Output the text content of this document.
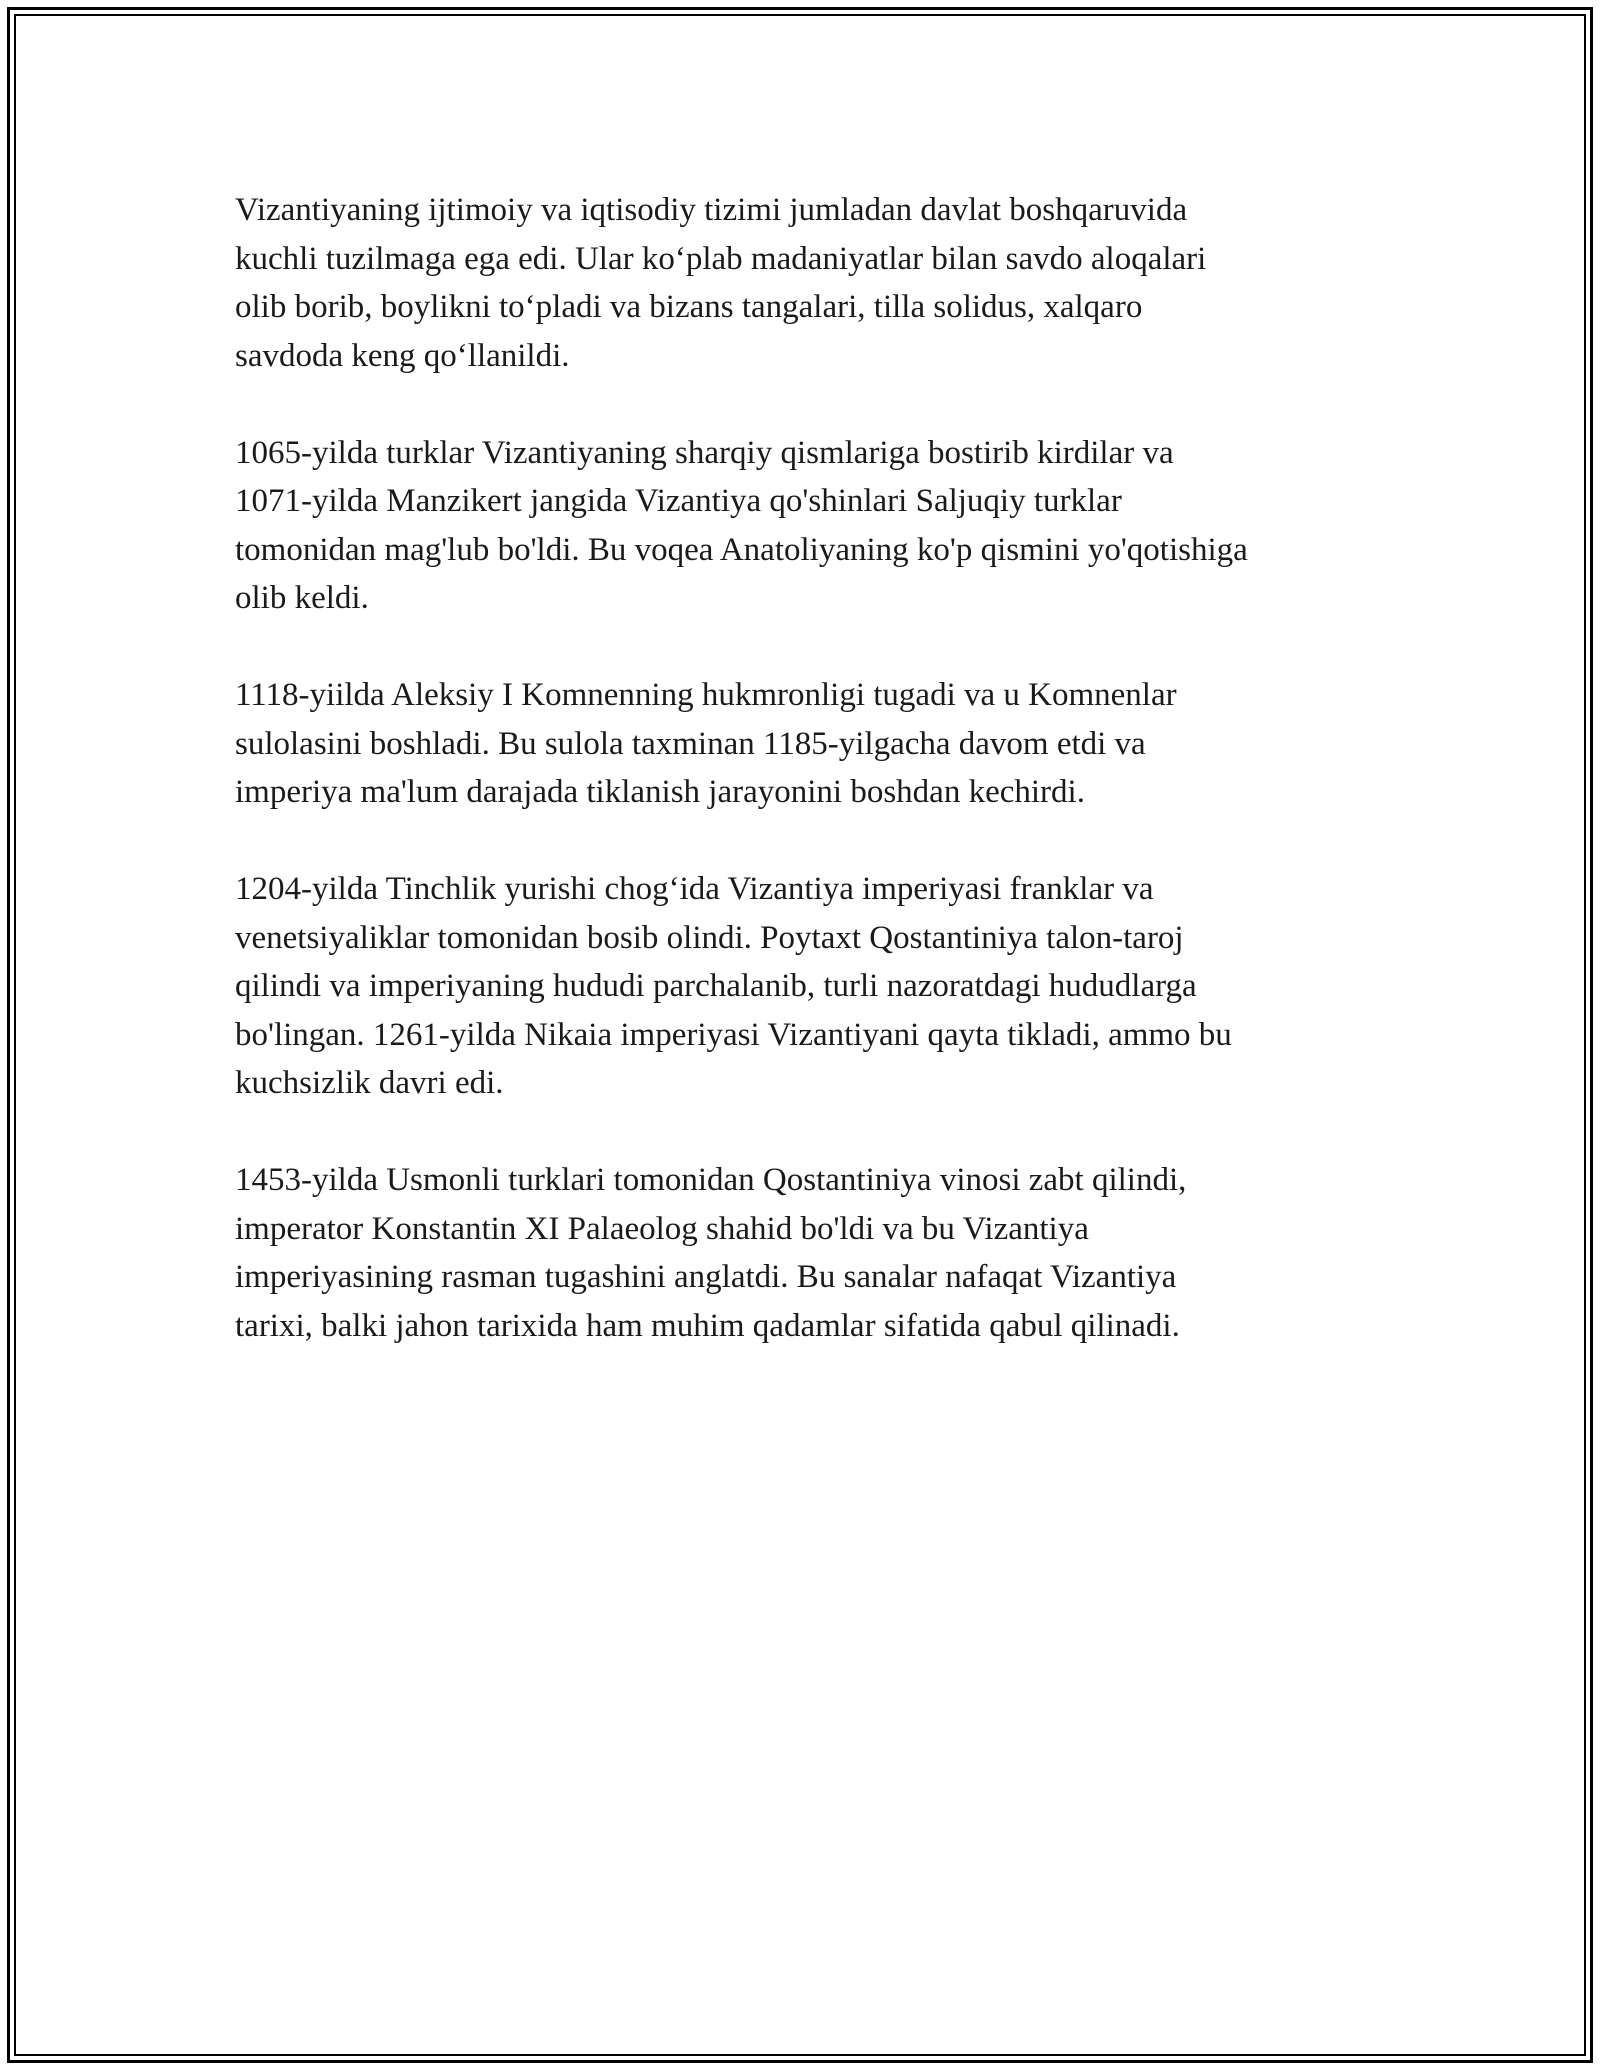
Vizantiyaning ijtimoiy va iqtisodiy tizimi jumladan davlat boshqaruvida
kuchli tuzilmaga ega edi. Ular ko‘plab madaniyatlar bilan savdo aloqalari
olib borib, boylikni to‘pladi va bizans tangalari, tilla solidus, xalqaro
savdoda keng qo‘llanildi.

1065-yilda turklar Vizantiyaning sharqiy qismlariga bostirib kirdilar va
1071-yilda Manzikert jangida Vizantiya qo'shinlari Saljuqiy turklar
tomonidan mag'lub bo'ldi. Bu voqea Anatoliyaning ko'p qismini yo'qotishiga
olib keldi.

1118-yiilda Aleksiy I Komnenning hukmronligi tugadi va u Komnenlar
sulolasini boshladi. Bu sulola taxminan 1185-yilgacha davom etdi va
imperiya ma'lum darajada tiklanish jarayonini boshdan kechirdi.

1204-yilda Tinchlik yurishi chog‘ida Vizantiya imperiyasi franklar va
venetsiyaliklar tomonidan bosib olindi. Poytaxt Qostantiniya talon-taroj
qilindi va imperiyaning hududi parchalanib, turli nazoratdagi hududlarga
bo'lingan. 1261-yilda Nikaia imperiyasi Vizantiyani qayta tikladi, ammo bu
kuchsizlik davri edi.

1453-yilda Usmonli turklari tomonidan Qostantiniya vinosi zabt qilindi,
imperator Konstantin XI Palaeolog shahid bo'ldi va bu Vizantiya
imperiyasining rasman tugashini anglatdi. Bu sanalar nafaqat Vizantiya
tarixi, balki jahon tarixida ham muhim qadamlar sifatida qabul qilinadi.
